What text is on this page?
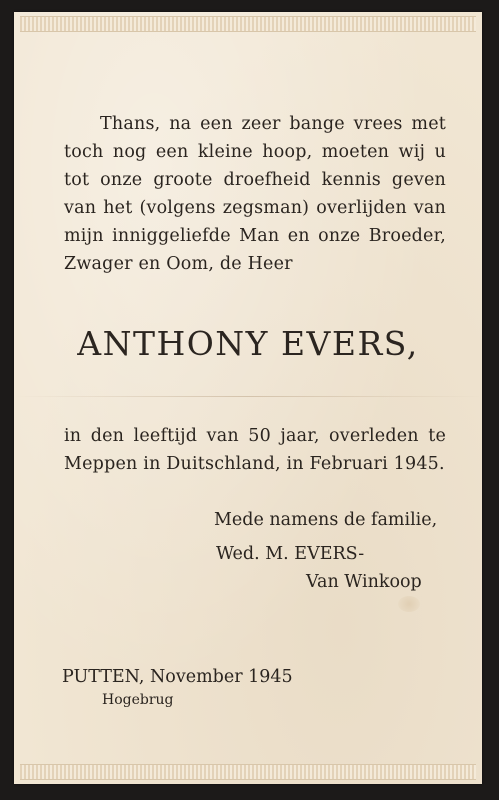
Thans, na een zeer bange vrees met toch nog een kleine hoop, moeten wij u tot onze groote droefheid kennis geven van het (volgens zegsman) overlijden van mijn inniggeliefde Man en onze Broeder, Zwager en Oom, de Heer

ANTHONY EVERS,

in den leeftijd van 50 jaar, overleden te Meppen in Duitschland, in Februari 1945.

Mede namens de familie,
Wed. M. EVERS-
Van Winkoop
PUTTEN, November 1945
Hogebrug
